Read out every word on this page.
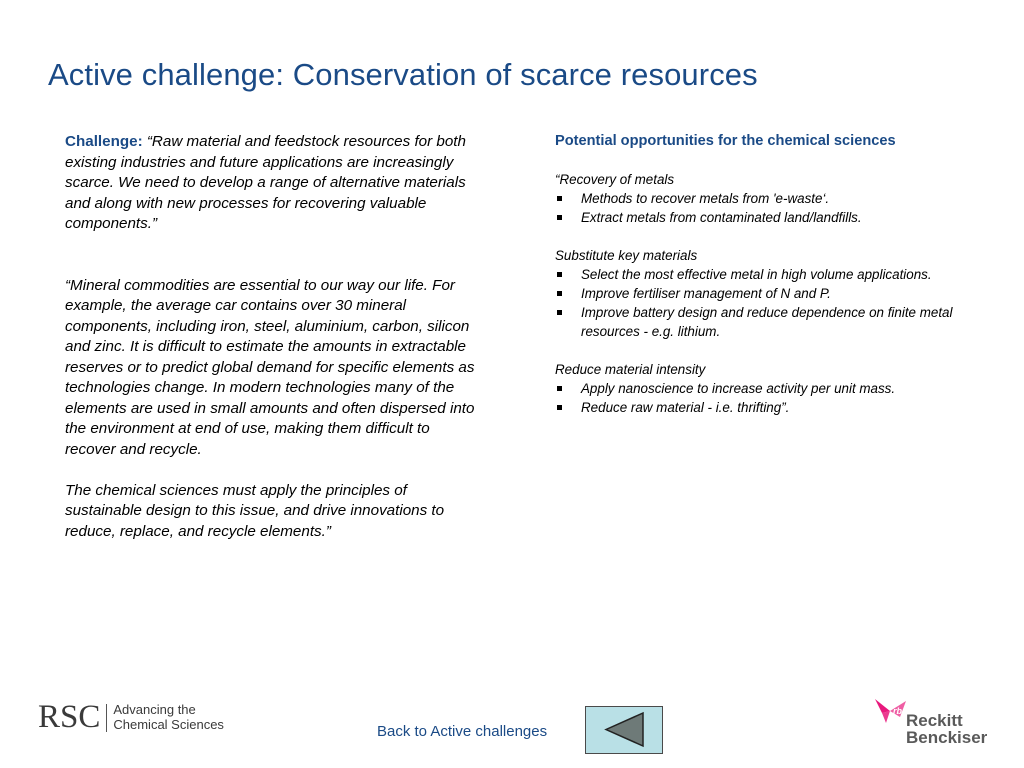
Active challenge: Conservation of scarce resources

Challenge: “Raw material and feedstock resources for both existing industries and future applications are increasingly scarce. We need to develop a range of alternative materials and along with new processes for recovering valuable components.”

“Mineral commodities are essential to our way our life. For example, the average car contains over 30 mineral components, including iron, steel, aluminium, carbon, silicon and zinc. It is difficult to estimate the amounts in extractable reserves or to predict global demand for specific elements as technologies change. In modern technologies many of the elements are used in small amounts and often dispersed into the environment at end of use, making them difficult to recover and recycle.

The chemical sciences must apply the principles of sustainable design to this issue, and drive innovations to reduce, replace, and recycle elements.”

Potential opportunities for the chemical sciences

“Recovery of metals

Methods to recover metals from 'e-waste‘.
Extract metals from contaminated land/landfills.

Substitute key materials

Select the most effective metal in high volume applications.
Improve fertiliser management of N and P.
Improve battery design and reduce dependence on finite metal resources - e.g. lithium.

Reduce material intensity

Apply nanoscience to increase activity per unit mass.
Reduce raw material - i.e. thrifting”.
RSC Advancing the
Chemical Sciences	Back to Active challenges
rb Reckitt
Benckiser
